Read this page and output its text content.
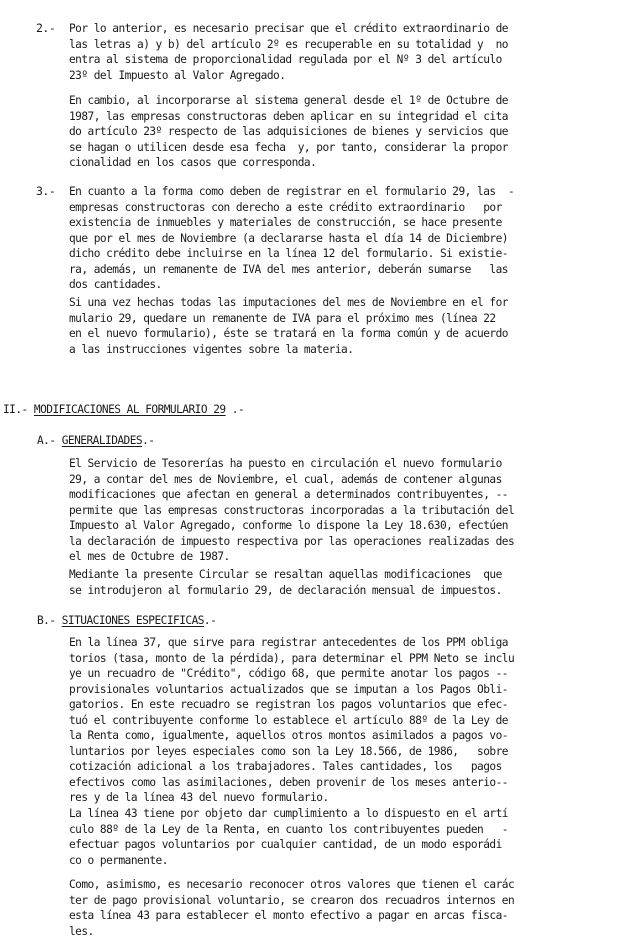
2.- Por lo anterior, es necesario precisar que el crédito extraordinario de
las letras a) y b) del artículo 2º es recuperable en su totalidad y  no
entra al sistema de proporcionalidad regulada por el Nº 3 del artículo
23º del Impuesto al Valor Agregado.
En cambio, al incorporarse al sistema general desde el 1º de Octubre de
1987, las empresas constructoras deben aplicar en su integridad el cita
do artículo 23º respecto de las adquisiciones de bienes y servicios que
se hagan o utilicen desde esa fecha  y, por tanto, considerar la propor
cionalidad en los casos que corresponda.
3.- En cuanto a la forma como deben de registrar en el formulario 29, las  -
empresas constructoras con derecho a este crédito extraordinario   por
existencia de inmuebles y materiales de construcción, se hace presente
que por el mes de Noviembre (a declararse hasta el día 14 de Diciembre)
dicho crédito debe incluirse en la línea 12 del formulario. Si existie-
ra, además, un remanente de IVA del mes anterior, deberán sumarse   las
dos cantidades.
Si una vez hechas todas las imputaciones del mes de Noviembre en el for
mulario 29, quedare un remanente de IVA para el próximo mes (línea 22
en el nuevo formulario), éste se tratará en la forma común y de acuerdo
a las instrucciones vigentes sobre la materia.
II.- MODIFICACIONES AL FORMULARIO 29 .-
A.- GENERALIDADES.-
El Servicio de Tesorerías ha puesto en circulación el nuevo formulario
29, a contar del mes de Noviembre, el cual, además de contener algunas
modificaciones que afectan en general a determinados contribuyentes, --
permite que las empresas constructoras incorporadas a la tributación del
Impuesto al Valor Agregado, conforme lo dispone la Ley 18.630, efectúen
la declaración de impuesto respectiva por las operaciones realizadas des
el mes de Octubre de 1987.
Mediante la presente Circular se resaltan aquellas modificaciones  que
se introdujeron al formulario 29, de declaración mensual de impuestos.
B.- SITUACIONES ESPECIFICAS.-
En la línea 37, que sirve para registrar antecedentes de los PPM obliga
torios (tasa, monto de la pérdida), para determinar el PPM Neto se inclu
ye un recuadro de "Crédito", código 68, que permite anotar los pagos --
provisionales voluntarios actualizados que se imputan a los Pagos Obli-
gatorios. En este recuadro se registran los pagos voluntarios que efec-
tuó el contribuyente conforme lo establece el artículo 88º de la Ley de
la Renta como, igualmente, aquellos otros montos asimilados a pagos vo-
luntarios por leyes especiales como son la Ley 18.566, de 1986,   sobre
cotización adicional a los trabajadores. Tales cantidades, los   pagos
efectivos como las asimilaciones, deben provenir de los meses anterio--
res y de la línea 43 del nuevo formulario.
La línea 43 tiene por objeto dar cumplimiento a lo dispuesto en el artí
culo 88º de la Ley de la Renta, en cuanto los contribuyentes pueden   -
efectuar pagos voluntarios por cualquier cantidad, de un modo esporádi
co o permanente.
Como, asimismo, es necesario reconocer otros valores que tienen el carác
ter de pago provisional voluntario, se crearon dos recuadros internos en
esta línea 43 para establecer el monto efectivo a pagar en arcas fisca-
les.
